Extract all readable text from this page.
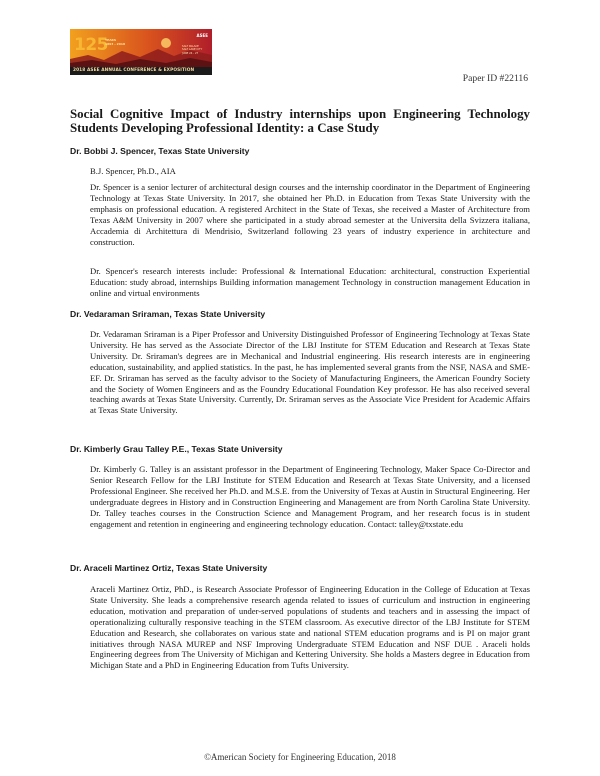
125
YEARS
1893 - 2018
ASEE
SALT PALACE
SALT LAKE CITY
JUNE 24 - 27
2018 ASEE ANNUAL CONFERENCE & EXPOSITION
Paper ID #22116
Social Cognitive Impact of Industry internships upon Engineering Technology Students Developing Professional Identity: a Case Study

Dr. Bobbi J. Spencer, Texas State University

B.J. Spencer, Ph.D., AIA

Dr. Spencer is a senior lecturer of architectural design courses and the internship coordinator in the Department of Engineering Technology at Texas State University. In 2017, she obtained her Ph.D. in Education from Texas State University with the emphasis on professional education. A registered Architect in the State of Texas, she received a Master of Architecture from Texas A&M University in 2007 where she participated in a study abroad semester at the Universita della Svizzera italiana, Accademia di Architettura di Mendrisio, Switzerland following 23 years of industry experience in architecture and construction.

Dr. Spencer's research interests include: Professional & International Education: architectural, construction Experiential Education: study abroad, internships Building information management Technology in construction management Education in online and virtual environments

Dr. Vedaraman Sriraman, Texas State University

Dr. Vedaraman Sriraman is a Piper Professor and University Distinguished Professor of Engineering Technology at Texas State University. He has served as the Associate Director of the LBJ Institute for STEM Education and Research at Texas State University. Dr. Sriraman's degrees are in Mechanical and Industrial engineering. His research interests are in engineering education, sustainability, and applied statistics. In the past, he has implemented several grants from the NSF, NASA and SME-EF. Dr. Sriraman has served as the faculty advisor to the Society of Manufacturing Engineers, the American Foundry Society and the Society of Women Engineers and as the Foundry Educational Foundation Key professor. He has also received several teaching awards at Texas State University. Currently, Dr. Sriraman serves as the Associate Vice President for Academic Affairs at Texas State University.

Dr. Kimberly Grau Talley P.E., Texas State University

Dr. Kimberly G. Talley is an assistant professor in the Department of Engineering Technology, Maker Space Co-Director and Senior Research Fellow for the LBJ Institute for STEM Education and Research at Texas State University, and a licensed Professional Engineer. She received her Ph.D. and M.S.E. from the University of Texas at Austin in Structural Engineering. Her undergraduate degrees in History and in Construction Engineering and Management are from North Carolina State University. Dr. Talley teaches courses in the Construction Science and Management Program, and her research focus is in student engagement and retention in engineering and engineering technology education. Contact: talley@txstate.edu

Dr. Araceli Martinez Ortiz, Texas State University

Araceli Martinez Ortiz, PhD., is Research Associate Professor of Engineering Education in the College of Education at Texas State University. She leads a comprehensive research agenda related to issues of curriculum and instruction in engineering education, motivation and preparation of under-served populations of students and teachers and in assessing the impact of operationalizing culturally responsive teaching in the STEM classroom. As executive director of the LBJ Institute for STEM Education and Research, she collaborates on various state and national STEM education programs and is PI on major grant initiatives through NASA MUREP and NSF Improving Undergraduate STEM Education and NSF DUE . Araceli holds Engineering degrees from The University of Michigan and Kettering University. She holds a Masters degree in Education from Michigan State and a PhD in Engineering Education from Tufts University.

©American Society for Engineering Education, 2018
